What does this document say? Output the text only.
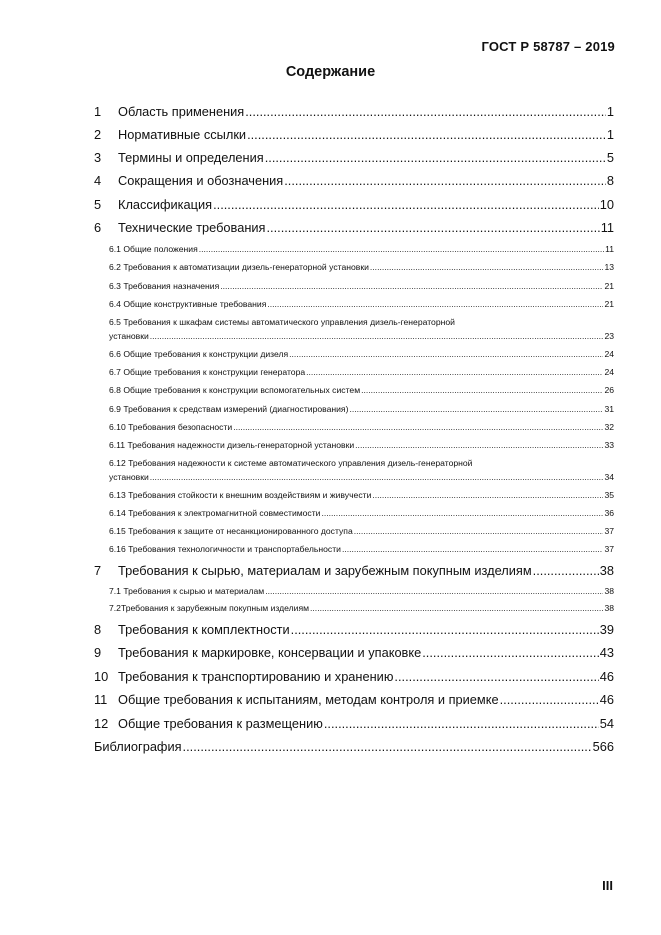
ГОСТ Р 58787 – 2019
Содержание
1	Область применения .....	1
2	Нормативные ссылки .....	1
3	Термины и определения .....	5
4	Сокращения и обозначения .....	8
5	Классификация .....	10
6	Технические требования .....	11
6.1 Общие положения .....	11
6.2 Требования к автоматизации дизель-генераторной установки .....	13
6.3 Требования назначения .....	21
6.4 Общие конструктивные требования .....	21
6.5 Требования к шкафам системы автоматического управления дизель-генераторной
установки .....	23
6.6 Общие требования к конструкции дизеля .....	24
6.7 Общие требования к конструкции генератора .....	24
6.8 Общие требования к конструкции вспомогательных систем .....	26
6.9 Требования к средствам измерений (диагностирования) .....	31
6.10 Требования безопасности .....	32
6.11 Требования надежности дизель-генераторной установки .....	33
6.12 Требования надежности к системе автоматического управления дизель-генераторной
установки .....	34
6.13 Требования стойкости к внешним воздействиям и живучести .....	35
6.14 Требования к электромагнитной совместимости .....	36
6.15 Требования к защите от несанкционированного доступа .....	37
6.16 Требования технологичности и транспортабельности .....	37
7	Требования к сырью, материалам и зарубежным покупным изделиям .....	38
7.1 Требования к сырью и материалам .....	38
7.2Требования к зарубежным покупным изделиям .....	38
8	Требования к комплектности .....	39
9	Требования к маркировке, консервации и упаковке .....	43
10 Требования к транспортированию и хранению .....	46
11 Общие требования к испытаниям, методам контроля и приемке .....	46
12 Общие требования к размещению .....	54
Библиография .....	566
III
